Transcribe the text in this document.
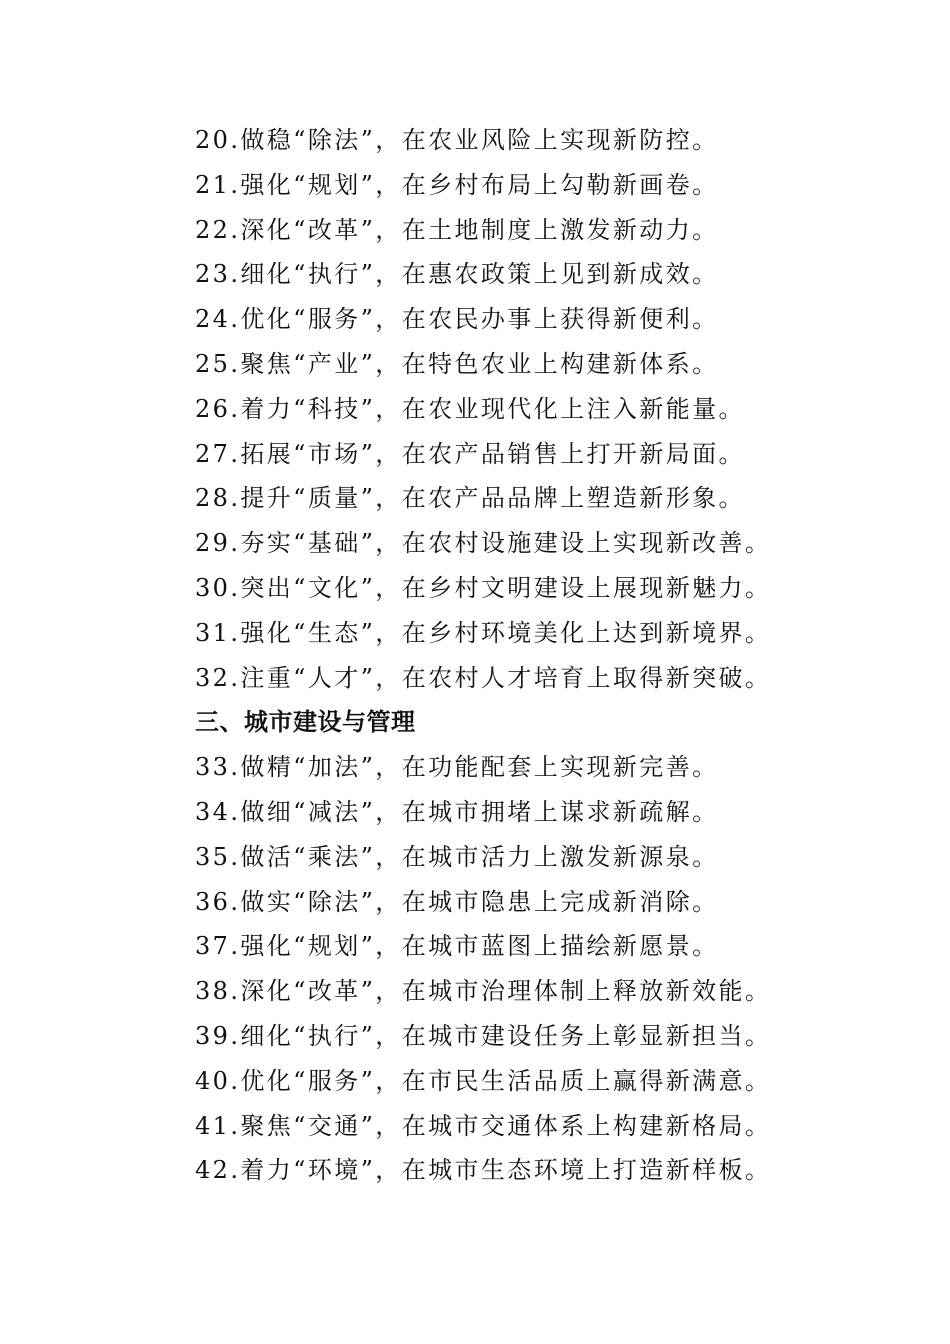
20.做稳“除法”，在农业风险上实现新防控。
21.强化“规划”，在乡村布局上勾勒新画卷。
22.深化“改革”，在土地制度上激发新动力。
23.细化“执行”，在惠农政策上见到新成效。
24.优化“服务”，在农民办事上获得新便利。
25.聚焦“产业”，在特色农业上构建新体系。
26.着力“科技”，在农业现代化上注入新能量。
27.拓展“市场”，在农产品销售上打开新局面。
28.提升“质量”，在农产品品牌上塑造新形象。
29.夯实“基础”，在农村设施建设上实现新改善。
30.突出“文化”，在乡村文明建设上展现新魅力。
31.强化“生态”，在乡村环境美化上达到新境界。
32.注重“人才”，在农村人才培育上取得新突破。
三、城市建设与管理
33.做精“加法”，在功能配套上实现新完善。
34.做细“减法”，在城市拥堵上谋求新疏解。
35.做活“乘法”，在城市活力上激发新源泉。
36.做实“除法”，在城市隐患上完成新消除。
37.强化“规划”，在城市蓝图上描绘新愿景。
38.深化“改革”，在城市治理体制上释放新效能。
39.细化“执行”，在城市建设任务上彰显新担当。
40.优化“服务”，在市民生活品质上赢得新满意。
41.聚焦“交通”，在城市交通体系上构建新格局。
42.着力“环境”，在城市生态环境上打造新样板。
